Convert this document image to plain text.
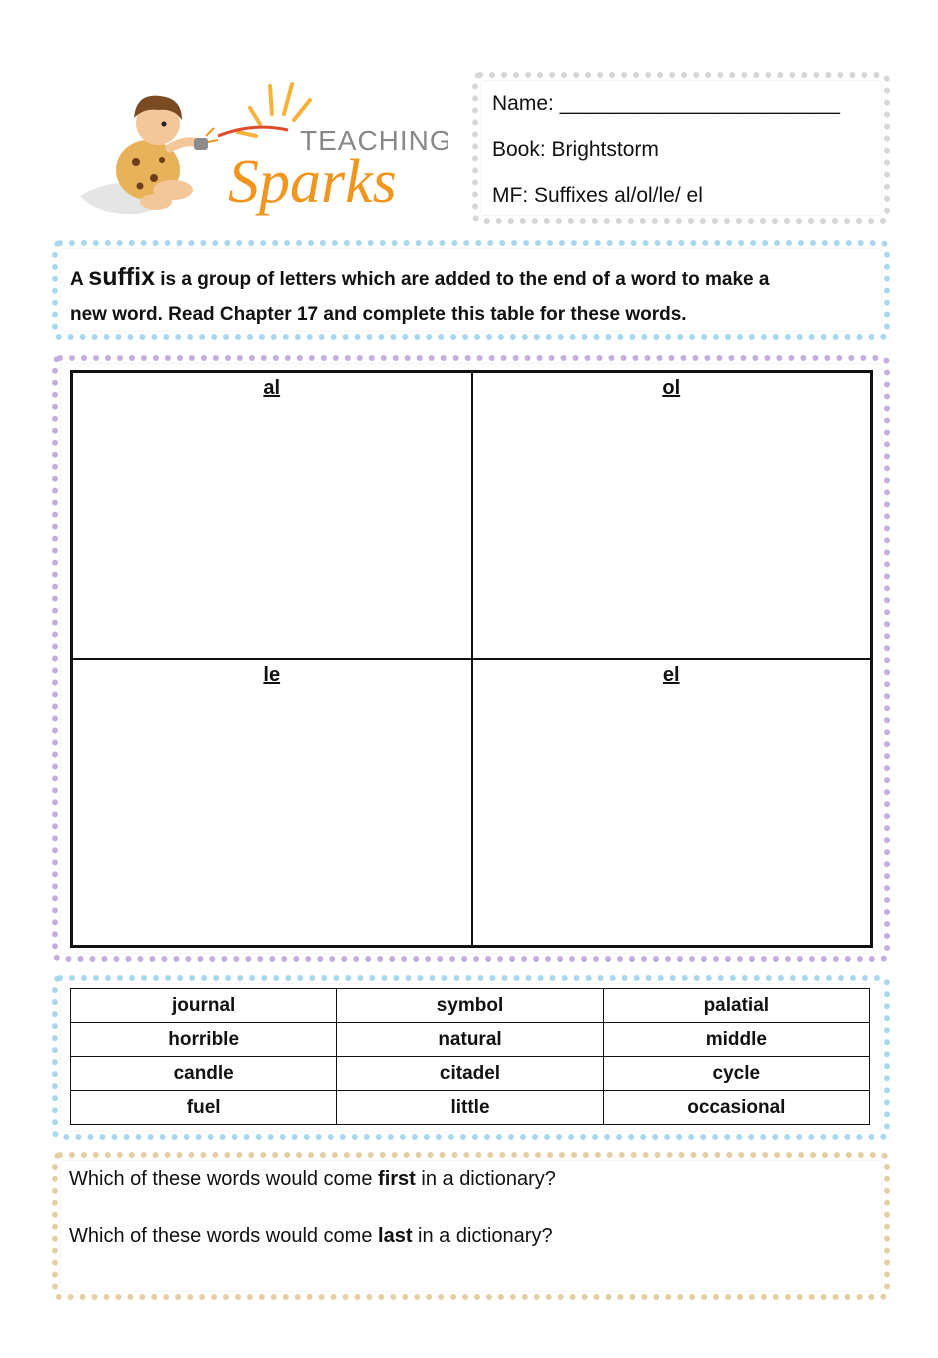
TEACHING
Sparks
Name: ________________________
Book: Brightstorm
MF: Suffixes al/ol/le/ el
A suffix is a group of letters which are added to the end of a word to make a
new word. Read Chapter 17 and complete this table for these words.
al	ol
le	el
journal	symbol	palatial
horrible	natural	middle
candle	citadel	cycle
fuel	little	occasional
Which of these words would come first in a dictionary?
Which of these words would come last in a dictionary?
